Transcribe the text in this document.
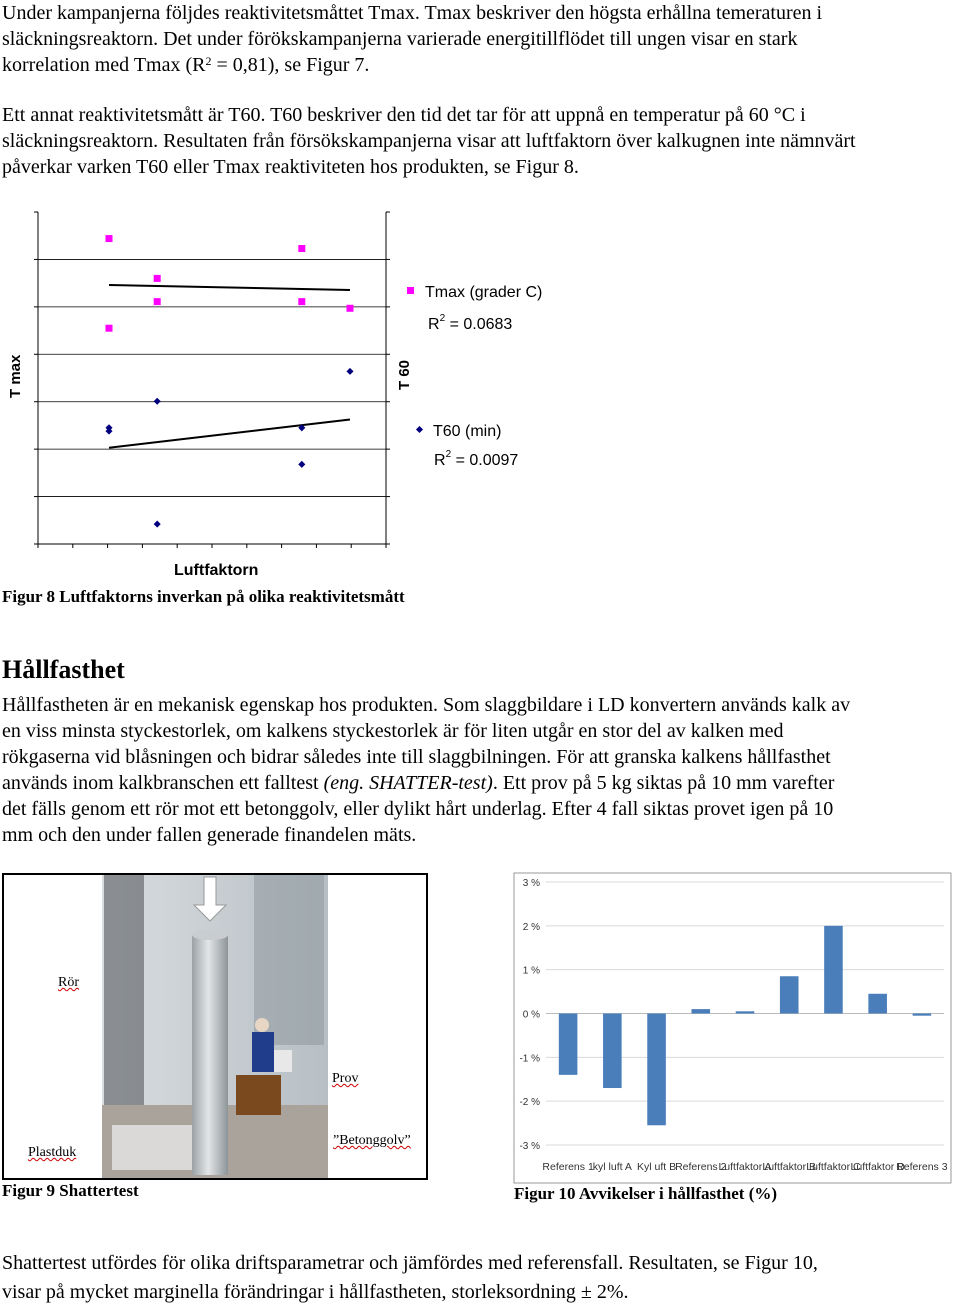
Under kampanjerna följdes reaktivitetsmåttet Tmax. Tmax beskriver den högsta erhållna temeraturen i
släckningsreaktorn. Det under förökskampanjerna varierade energitillflödet till ungen visar en stark
korrelation med Tmax $(R^2 = 0,81)$, se Figur 7.
Ett annat reaktivitetsmått är T60. T60 beskriver den tid det tar för att uppnå en temperatur på 60 °C i
släckningsreaktorn. Resultaten från försökskampanjerna visar att luftfaktorn över kalkugnen inte nämnvärt
påverkar varken T60 eller Tmax reaktiviteten hos produkten, se Figur 8.
T max	T 60
Luftfaktorn
Tmax (grader C)
$R^2 = 0.0683$
T60 (min)
$R^2 = 0.0097$
Figur 8 Luftfaktorns inverkan på olika reaktivitetsmått
Hållfasthet
Hållfastheten är en mekanisk egenskap hos produkten. Som slaggbildare i LD konvertern används kalk av
en viss minsta styckestorlek, om kalkens styckestorlek är för liten utgår en stor del av kalken med
rökgaserna vid blåsningen och bidrar således inte till slaggbilningen. För att granska kalkens hållfasthet
används inom kalkbranschen ett falltest (eng. SHATTER-test). Ett prov på 5 kg siktas på 10 mm varefter
det fälls genom ett rör mot ett betonggolv, eller dylikt hårt underlag. Efter 4 fall siktas provet igen på 10
mm och den under fallen generade finandelen mäts.
Rör
Prov
Plastduk
”Betonggolv”
3 %
2 %
1 %
0 %
-1 %
-2 %
-3 %
Referens 1
kyl luft A Kyl uft B
Referens 2
Luftfaktor A
Luftfaktor B
Luftfaktor C
Luftfaktor D
Referens 3
Figur 9 Shattertest	Figur 10 Avvikelser i hållfasthet (%)
Shattertest utfördes för olika driftsparametrar och jämfördes med referensfall. Resultaten, se Figur 10,
visar på mycket marginella förändringar i hållfastheten, storleksordning ± 2%.
